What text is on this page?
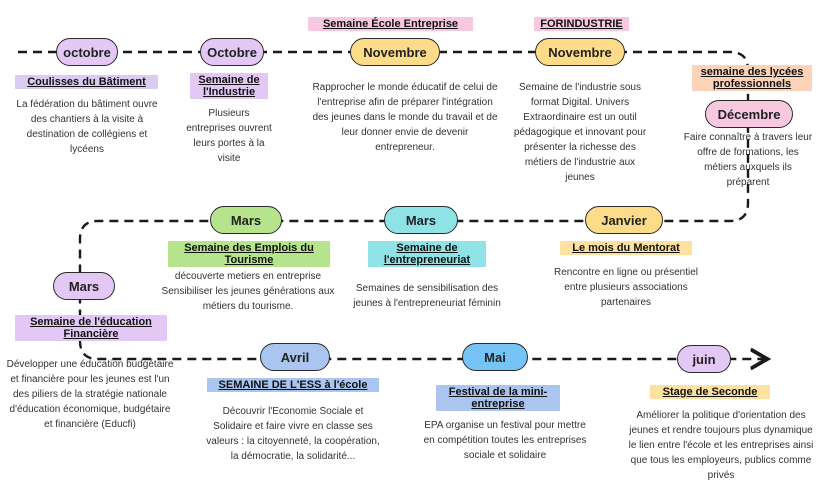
octobre	Octobre	Novembre	Novembre
Décembre
Janvier
Mars
Mars
Mars
Avril	Mai	juin
Coulisses du Bâtiment	Semaine de l'Industrie
Semaine École Entreprise	FORINDUSTRIE
semaine des lycées professionnels
Le mois du Mentorat
Semaine de l'entrepreneuriat
Semaine des Emplois du Tourisme
Semaine de l'éducation Financière
SEMAINE DE L'ESS à l'école
Festival de la mini-entreprise
Stage de Seconde
La fédération du bâtiment ouvre des chantiers à la visite à destination de collégiens et lycéens
Plusieurs entreprises ouvrent leurs portes à la visite
Rapprocher le monde éducatif de celui de l'entreprise afin de préparer l'intégration des jeunes dans le monde du travail et de leur donner envie de devenir entrepreneur.
Semaine de l'industrie sous format Digital. Univers Extraordinaire est un outil pédagogique et innovant pour présenter la richesse des métiers de l'industrie aux jeunes
Faire connaître à travers leur offre de formations, les métiers auxquels ils préparent
Rencontre en ligne ou présentiel entre plusieurs associations partenaires
Semaines de sensibilisation des jeunes à l'entrepreneuriat féminin
découverte metiers en entreprise Sensibiliser les jeunes générations aux métiers du tourisme.
Développer une éducation budgétaire et financière pour les jeunes est l'un des piliers de la stratégie nationale d'éducation économique, budgétaire et financière (Educfi)
Découvrir l'Economie Sociale et Solidaire et faire vivre en classe ses valeurs : la citoyenneté, la coopération, la démocratie, la solidarité...
EPA organise un festival pour mettre en compétition toutes les entreprises sociale et solidaire
Améliorer la politique d'orientation des jeunes et rendre toujours plus dynamique le lien entre l'école et les entreprises ainsi que tous les employeurs, publics comme privés
